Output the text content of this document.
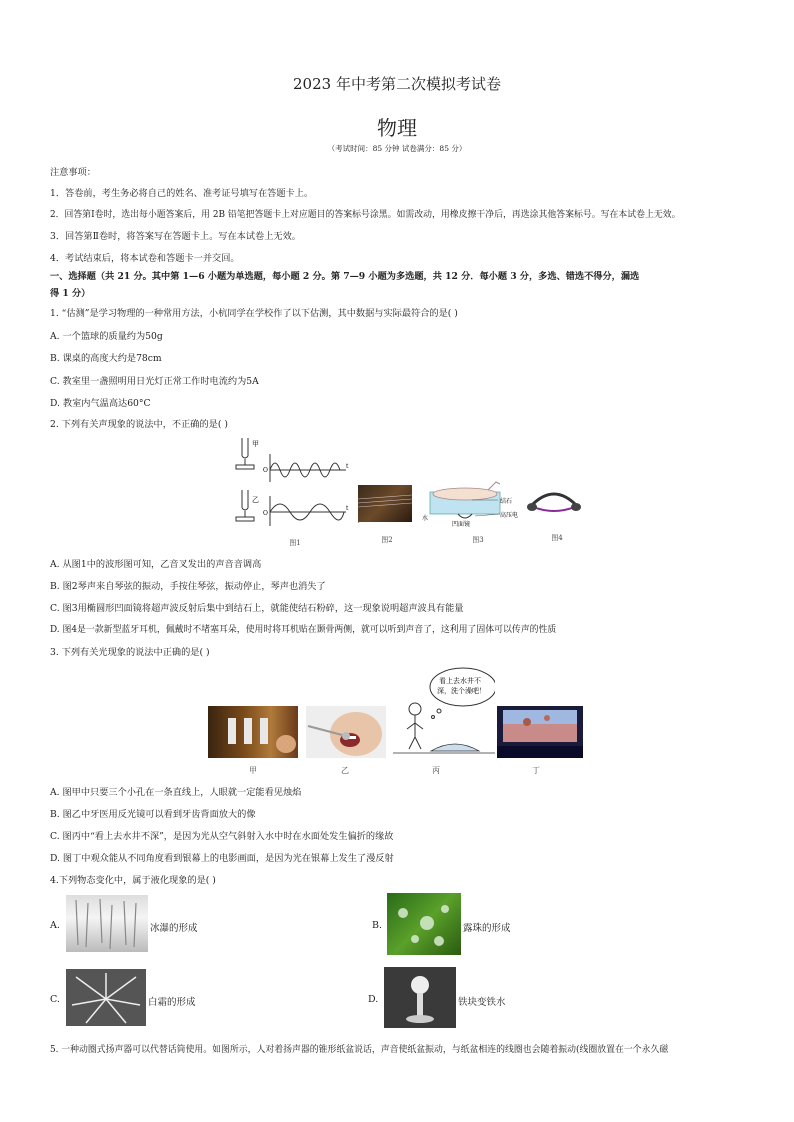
2023 年中考第二次模拟考试卷
物理
（考试时间：85 分钟 试卷满分：85 分）
注意事项：
1．答卷前，考生务必将自己的姓名、准考证号填写在答题卡上。
2．回答第Ⅰ卷时，选出每小题答案后，用 2B 铅笔把答题卡上对应题目的答案标号涂黑。如需改动，用橡皮擦干净后，再选涂其他答案标号。写在本试卷上无效。
3．回答第Ⅱ卷时，将答案写在答题卡上。写在本试卷上无效。
4．考试结束后，将本试卷和答题卡一并交回。
一、选择题（共 21 分。其中第 1—6 小题为单选题，每小题 2 分。第 7—9 小题为多选题，共 12 分．每小题 3 分，多选、错选不得分，漏选
得 1 分）
1. “估测”是学习物理的一种常用方法，小杭同学在学校作了以下估测，其中数据与实际最符合的是( )
A. 一个篮球的质量约为50g
B. 课桌的高度大约是78cm
C. 教室里一盏照明用日光灯正常工作时电流约为5A
D. 教室内气温高达60°C
2. 下列有关声现象的说法中，不正确的是( )
甲
乙
O
O
t
t
结石
高压电
凹面镜
水
图1	图2	图3	图4
A. 从图1中的波形图可知，乙音叉发出的声音音调高
B. 图2琴声来自琴弦的振动，手按住琴弦，振动停止，琴声也消失了
C. 图3用椭圆形凹面镜将超声波反射后集中到结石上，就能使结石粉碎，这一现象说明超声波具有能量
D. 图4是一款新型蓝牙耳机，佩戴时不堵塞耳朵，使用时将耳机贴在颞骨两侧，就可以听到声音了，这利用了固体可以传声的性质
3. 下列有关光现象的说法中正确的是( )
看上去水井不
深，洗个澡吧！
甲	乙	丙	丁
A. 图甲中只要三个小孔在一条直线上，人眼就一定能看见烛焰
B. 图乙中牙医用反光镜可以看到牙齿背面放大的像
C. 图丙中“看上去水井不深”，是因为光从空气斜射入水中时在水面处发生偏折的缘故
D. 图丁中观众能从不同角度看到银幕上的电影画面，是因为光在银幕上发生了漫反射
4.下列物态变化中，属于液化现象的是( )
A.	冰瀑的形成	B.	露珠的形成
C.	白霜的形成	D.	铁块变铁水
5. 一种动圈式扬声器可以代替话筒使用。如图所示，人对着扬声器的锥形纸盆说话，声音使纸盆振动，与纸盆相连的线圈也会随着振动(线圈放置在一个永久磁
